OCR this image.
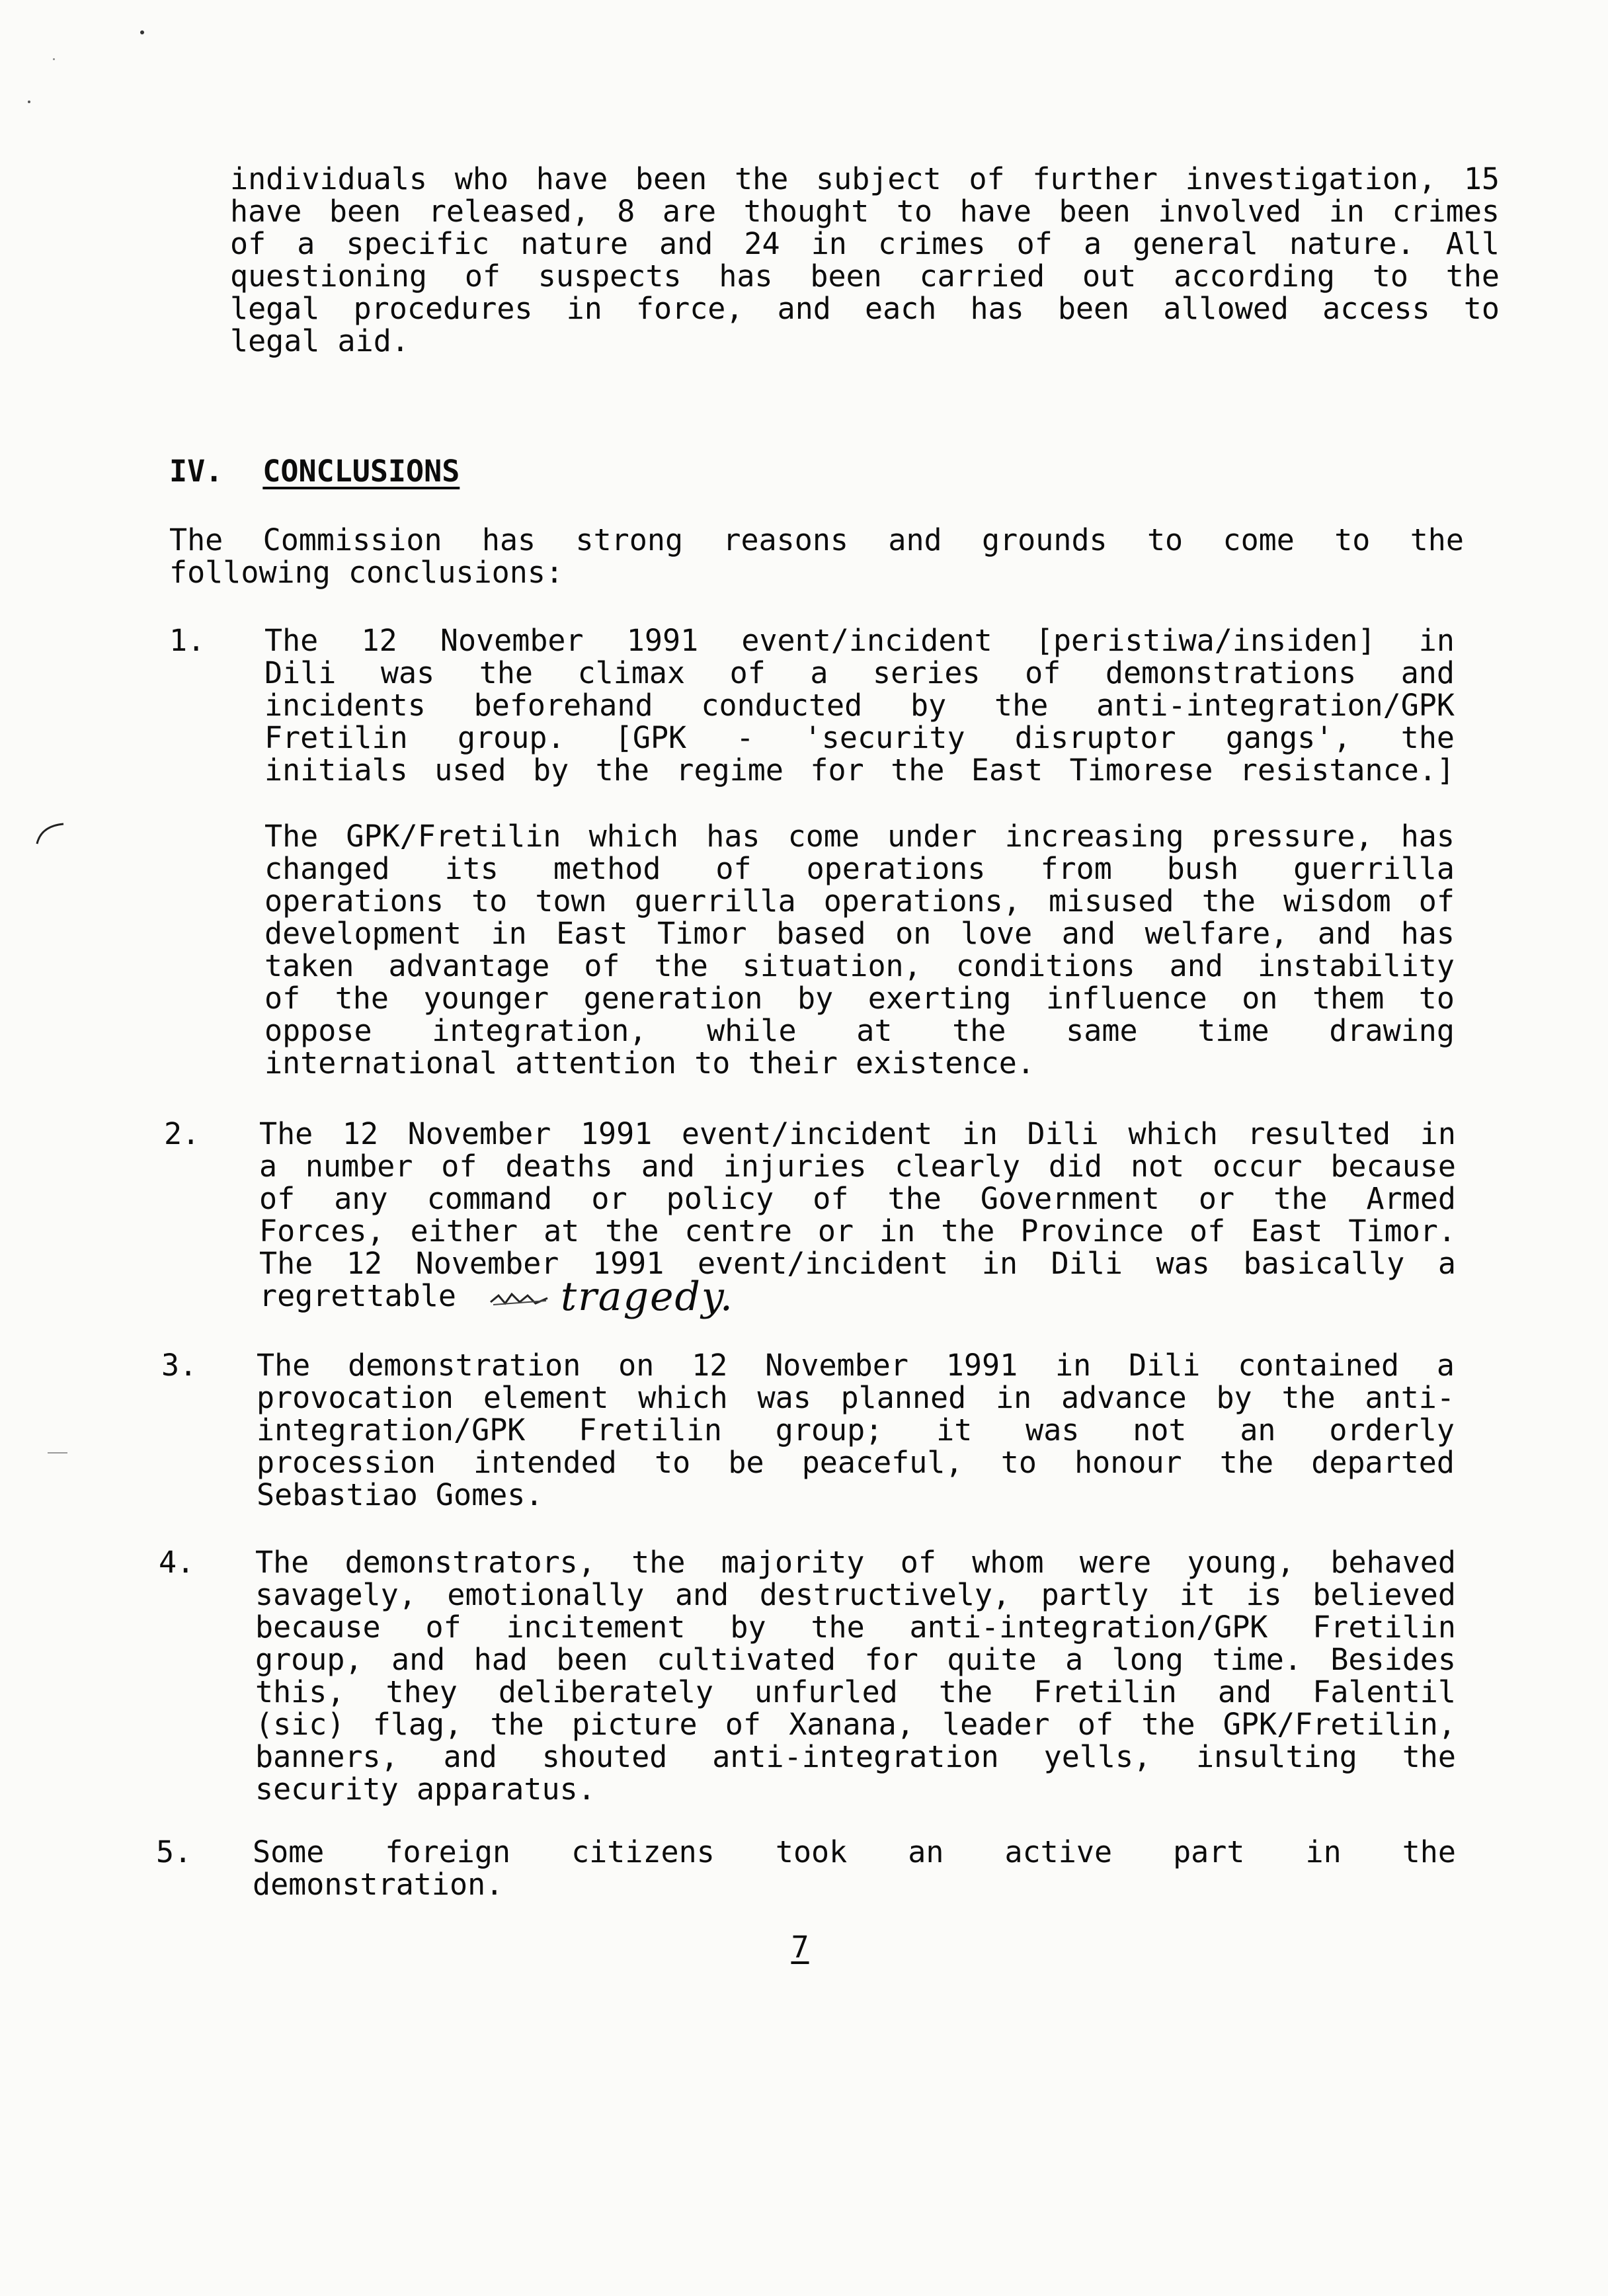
individuals who have been the subject of further investigation, 15
have been released, 8 are thought to have been involved in crimes
of a specific nature and 24 in crimes of a general nature. All
questioning of suspects has been carried out according to the
legal procedures in force, and each has been allowed access to
legal aid.
IV. CONCLUSIONS
The Commission has strong reasons and grounds to come to the
following conclusions:
1. The 12 November 1991 event/incident [peristiwa/insiden] in
Dili was the climax of a series of demonstrations and
incidents beforehand conducted by the anti-integration/GPK
Fretilin group. [GPK - 'security disruptor gangs', the
initials used by the regime for the East Timorese resistance.]
The GPK/Fretilin which has come under increasing pressure, has
changed its method of operations from bush guerrilla
operations to town guerrilla operations, misused the wisdom of
development in East Timor based on love and welfare, and has
taken advantage of the situation, conditions and instability
of the younger generation by exerting influence on them to
oppose integration, while at the same time drawing
international attention to their existence.
2. The 12 November 1991 event/incident in Dili which resulted in
a number of deaths and injuries clearly did not occur because
of any command or policy of the Government or the Armed
Forces, either at the centre or in the Province of East Timor.
The 12 November 1991 event/incident in Dili was basically a
regrettable	tragedy.
3. The demonstration on 12 November 1991 in Dili contained a
provocation element which was planned in advance by the anti-
integration/GPK Fretilin group; it was not an orderly
procession intended to be peaceful, to honour the departed
Sebastiao Gomes.
4. The demonstrators, the majority of whom were young, behaved
savagely, emotionally and destructively, partly it is believed
because of incitement by the anti-integration/GPK Fretilin
group, and had been cultivated for quite a long time. Besides
this, they deliberately unfurled the Fretilin and Falentil
(sic) flag, the picture of Xanana, leader of the GPK/Fretilin,
banners, and shouted anti-integration yells, insulting the
security apparatus.
5. Some foreign citizens took an active part in the
demonstration.
7
